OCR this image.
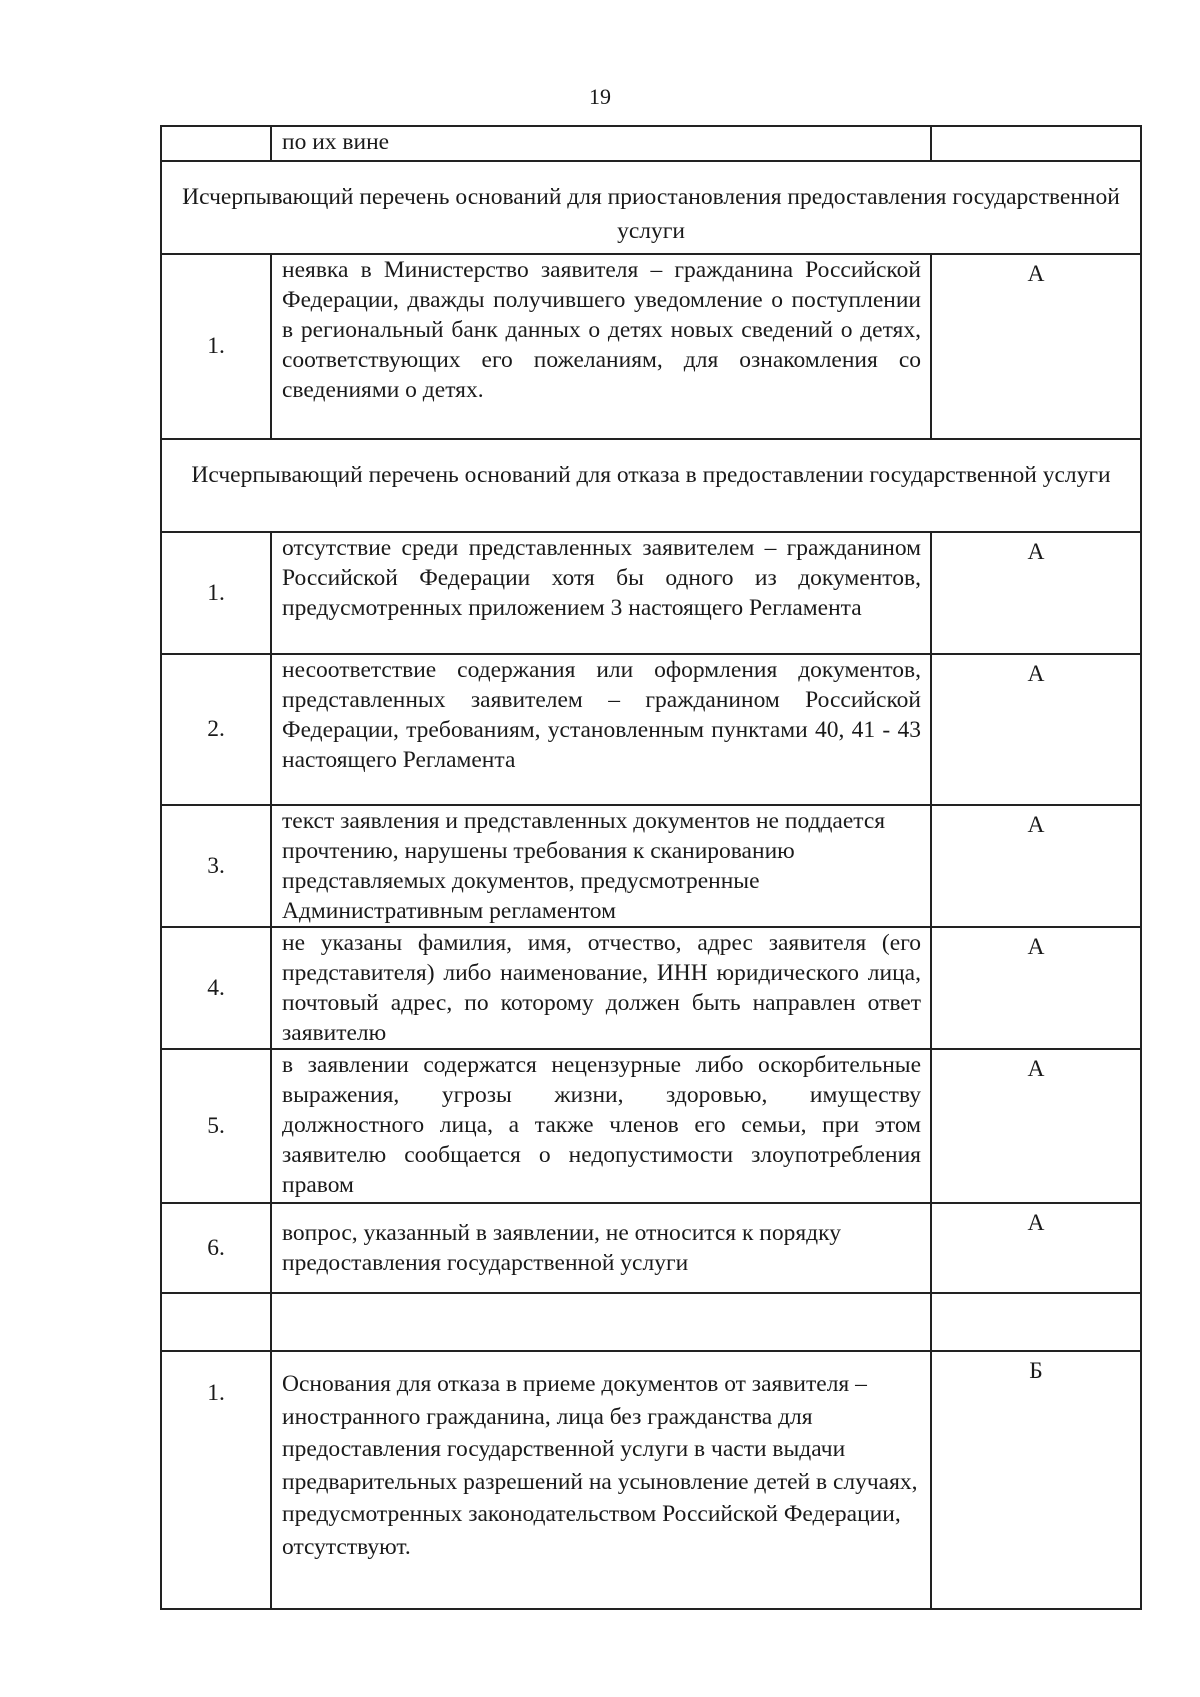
19
	по их вине	
Исчерпывающий перечень оснований для приостановления предоставления государственной услуги		
1.	неявка в Министерство заявителя – гражданина Российской Федерации, дважды получившего уведомление о поступлении в региональный банк данных о детях новых сведений о детях, соответствующих его пожеланиям, для ознакомления со сведениями о детях.	А
Исчерпывающий перечень оснований для отказа в предоставлении государственной услуги		
1.	отсутствие среди представленных заявителем – гражданином Российской Федерации хотя бы одного из документов, предусмотренных приложением 3 настоящего Регламента	А
2.	несоответствие содержания или оформления документов, представленных заявителем – гражданином Российской Федерации, требованиям, установленным пунктами 40, 41 - 43 настоящего Регламента	А
3.	текст заявления и представленных документов не поддается прочтению, нарушены требования к сканированию представляемых документов, предусмотренные Административным регламентом	А
4.	не указаны фамилия, имя, отчество, адрес заявителя (его представителя) либо наименование, ИНН юридического лица, почтовый адрес, по которому должен быть направлен ответ заявителю	А
5.	в заявлении содержатся нецензурные либо оскорбительные выражения, угрозы жизни, здоровью, имуществу должностного лица, а также членов его семьи, при этом заявителю сообщается о недопустимости злоупотребления правом	А
6.	вопрос, указанный в заявлении, не относится к порядку предоставления государственной услуги	А

1.	Основания для отказа в приеме документов от заявителя – иностранного гражданина, лица без гражданства для предоставления государственной услуги в части выдачи предварительных разрешений на усыновление детей в случаях, предусмотренных законодательством Российской Федерации, отсутствуют.	Б
